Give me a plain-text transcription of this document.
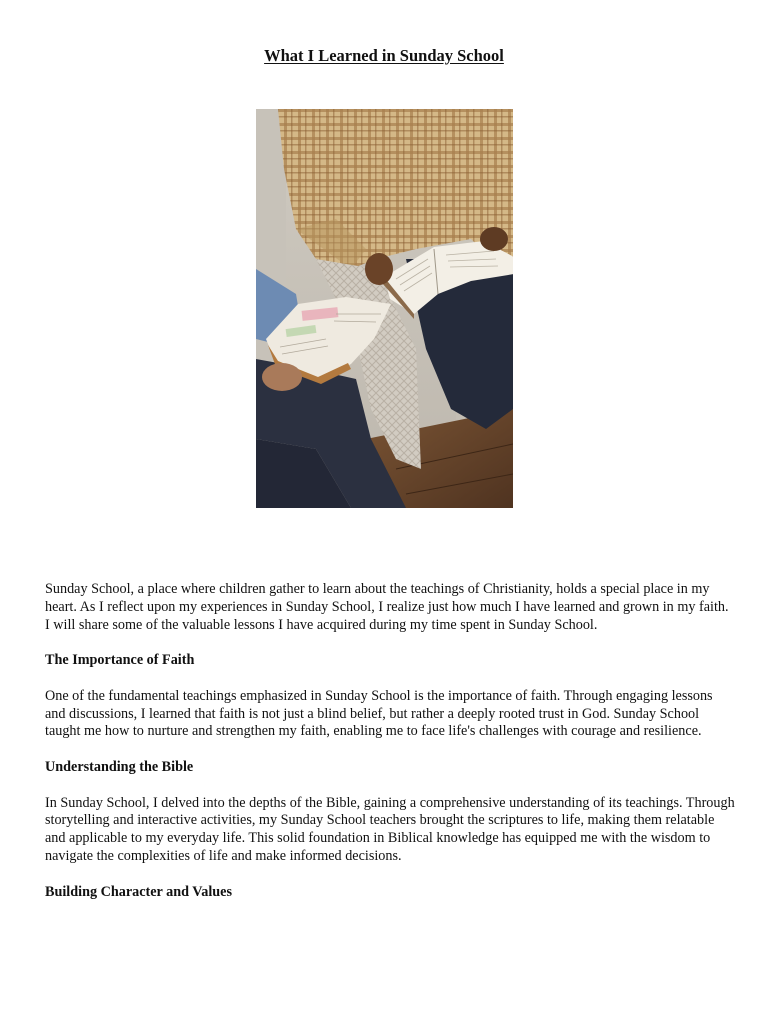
What I Learned in Sunday School

Sunday School, a place where children gather to learn about the teachings of Christianity, holds a special place in my heart. As I reflect upon my experiences in Sunday School, I realize just how much I have learned and grown in my faith. I will share some of the valuable lessons I have acquired during my time spent in Sunday School.

The Importance of Faith

One of the fundamental teachings emphasized in Sunday School is the importance of faith. Through engaging lessons and discussions, I learned that faith is not just a blind belief, but rather a deeply rooted trust in God. Sunday School taught me how to nurture and strengthen my faith, enabling me to face life's challenges with courage and resilience.

Understanding the Bible

In Sunday School, I delved into the depths of the Bible, gaining a comprehensive understanding of its teachings. Through storytelling and interactive activities, my Sunday School teachers brought the scriptures to life, making them relatable and applicable to my everyday life. This solid foundation in Biblical knowledge has equipped me with the wisdom to navigate the complexities of life and make informed decisions.

Building Character and Values
